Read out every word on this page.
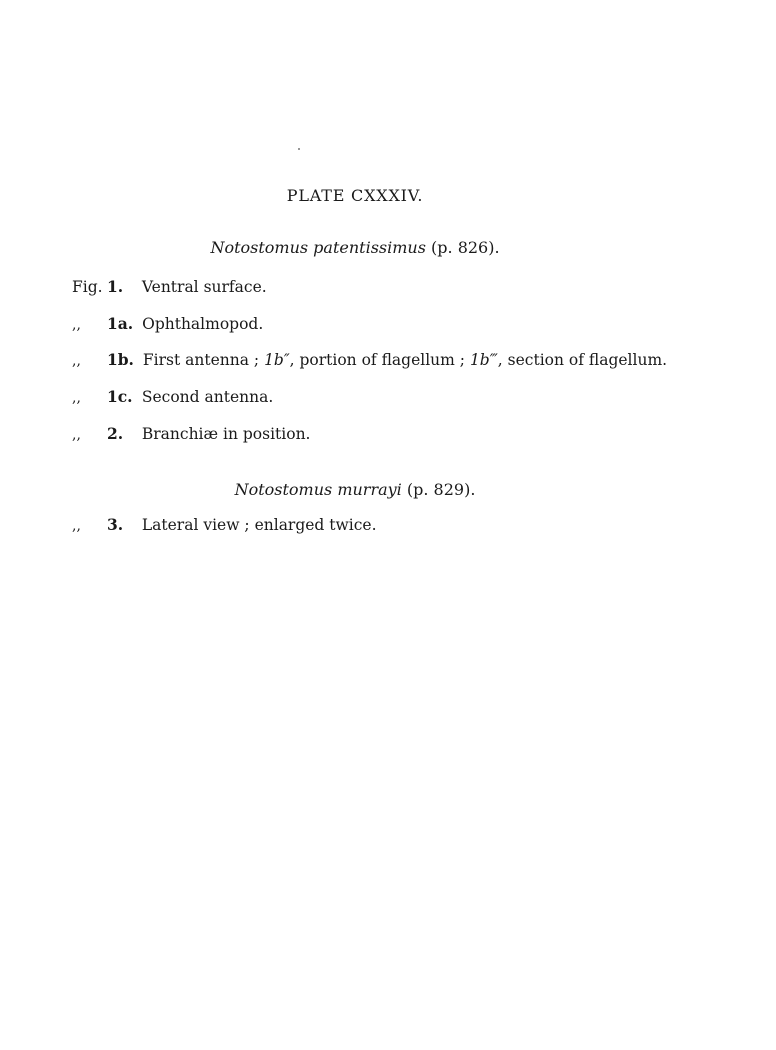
PLATE CXXXIV.
Notostomus patentissimus (p. 826).
Fig. 1. Ventral surface.
,, 1a. Ophthalmopod.
,, 1b. First antenna ; 1b″, portion of flagellum ; 1b‴, section of flagellum.
,, 1c. Second antenna.
,, 2. Branchiæ in position.
Notostomus murrayi (p. 829).
,, 3. Lateral view ; enlarged twice.
